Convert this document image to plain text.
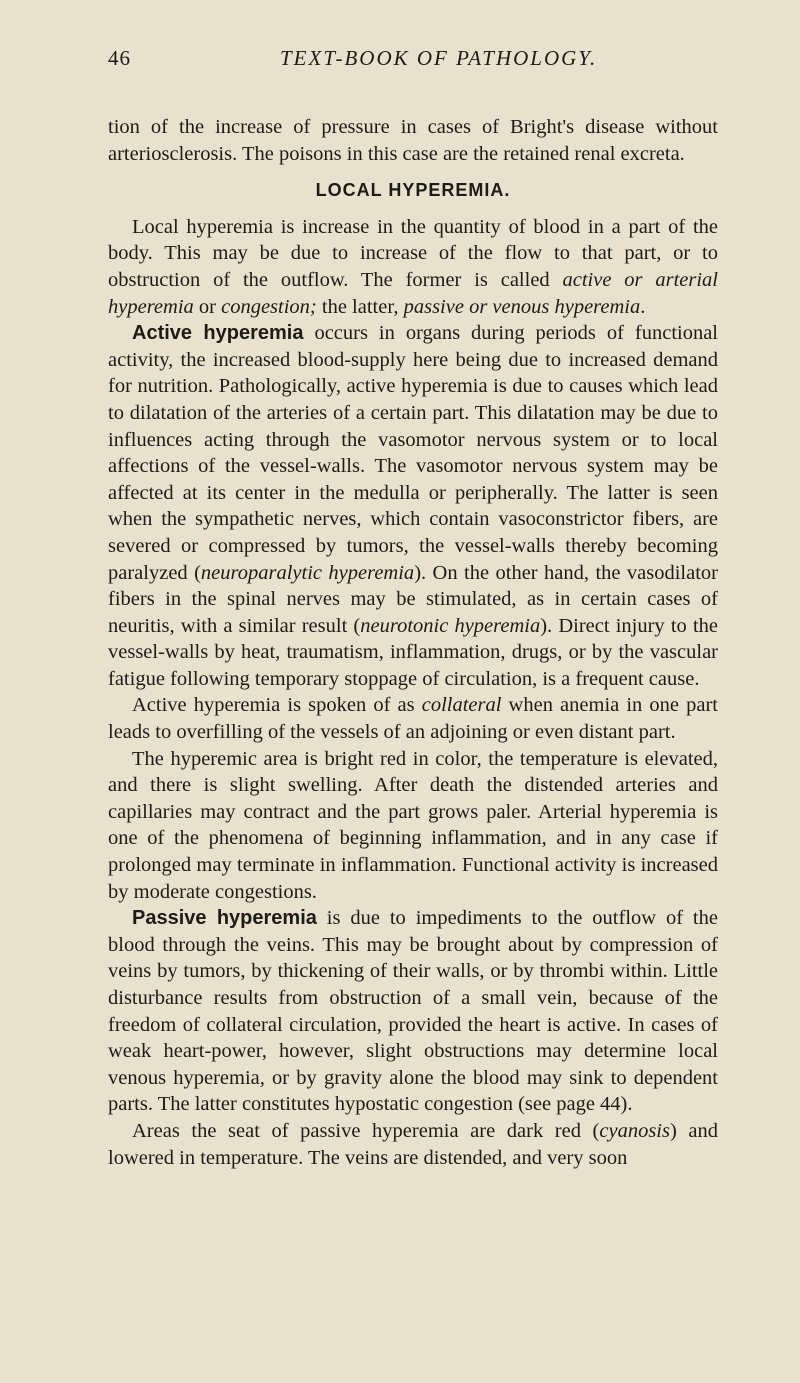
46	TEXT-BOOK OF PATHOLOGY.

tion of the increase of pressure in cases of Bright's disease without arteriosclerosis. The poisons in this case are the retained renal excreta.

LOCAL HYPEREMIA.

Local hyperemia is increase in the quantity of blood in a part of the body. This may be due to increase of the flow to that part, or to obstruction of the outflow. The former is called active or arterial hyperemia or congestion; the latter, passive or venous hyperemia.

Active hyperemia occurs in organs during periods of functional activity, the increased blood-supply here being due to increased demand for nutrition. Pathologically, active hyperemia is due to causes which lead to dilatation of the arteries of a certain part. This dilatation may be due to influences acting through the vasomotor nervous system or to local affections of the vessel-walls. The vasomotor nervous system may be affected at its center in the medulla or peripherally. The latter is seen when the sympathetic nerves, which contain vasoconstrictor fibers, are severed or compressed by tumors, the vessel-walls thereby becoming paralyzed (neuroparalytic hyperemia). On the other hand, the vasodilator fibers in the spinal nerves may be stimulated, as in certain cases of neuritis, with a similar result (neurotonic hyperemia). Direct injury to the vessel-walls by heat, traumatism, inflammation, drugs, or by the vascular fatigue following temporary stoppage of circulation, is a frequent cause.

Active hyperemia is spoken of as collateral when anemia in one part leads to overfilling of the vessels of an adjoining or even distant part.

The hyperemic area is bright red in color, the temperature is elevated, and there is slight swelling. After death the distended arteries and capillaries may contract and the part grows paler. Arterial hyperemia is one of the phenomena of beginning inflammation, and in any case if prolonged may terminate in inflammation. Functional activity is increased by moderate congestions.

Passive hyperemia is due to impediments to the outflow of the blood through the veins. This may be brought about by compression of veins by tumors, by thickening of their walls, or by thrombi within. Little disturbance results from obstruction of a small vein, because of the freedom of collateral circulation, provided the heart is active. In cases of weak heart-power, however, slight obstructions may determine local venous hyperemia, or by gravity alone the blood may sink to dependent parts. The latter constitutes hypostatic congestion (see page 44).

Areas the seat of passive hyperemia are dark red (cyanosis) and lowered in temperature. The veins are distended, and very soon
